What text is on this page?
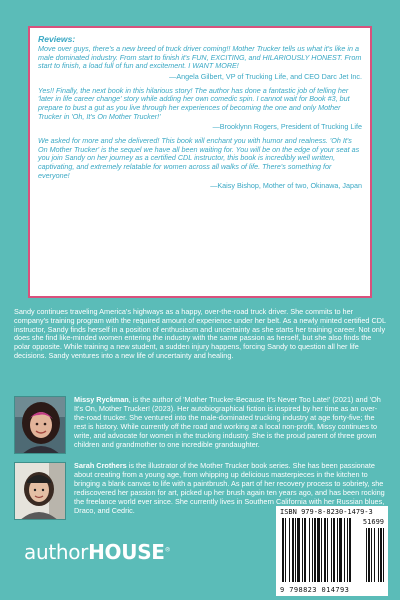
Reviews:

Move over guys, there's a new breed of truck driver coming!! Mother Trucker tells us what it's like in a male dominated industry. From start to finish it's FUN, EXCITING, and HILARIOUSLY HONEST. From start to finish, a load full of fun and excitement. I WANT MORE!

—Angela Gilbert, VP of Trucking Life, and CEO Darc Jet Inc.

Yes!! Finally, the next book in this hilarious story! The author has done a fantastic job of telling her 'later in life career change' story while adding her own comedic spin. I cannot wait for Book #3, but prepare to bust a gut as you live through her experiences of becoming the one and only Mother Trucker in 'Oh, It's On Mother Trucker!'

—Brooklynn Rogers, President of Trucking Life

We asked for more and she delivered! This book will enchant you with humor and realness. 'Oh It's On Mother Trucker' is the sequel we have all been waiting for. You will be on the edge of your seat as you join Sandy on her journey as a certified CDL instructor, this book is incredibly well written, captivating, and extremely relatable for women across all walks of life. There's something for everyone!

—Kaisy Bishop, Mother of two, Okinawa, Japan

Sandy continues traveling America's highways as a happy, over-the-road truck driver. She commits to her company's training program with the required amount of experience under her belt. As a newly minted certified CDL instructor, Sandy finds herself in a position of enthusiasm and uncertainty as she starts her training career. Not only does she find like-minded women entering the industry with the same passion as herself, but she also finds the polar opposite. While training a new student, a sudden injury happens, forcing Sandy to question all her life decisions. Sandy ventures into a new life of uncertainty and healing.

Missy Ryckman, is the author of 'Mother Trucker-Because It's Never Too Late!' (2021) and 'Oh It's On, Mother Trucker! (2023). Her autobiographical fiction is inspired by her time as an over-the-road trucker. She ventured into the male-dominated trucking industry at age forty-five; the rest is history. While currently off the road and working at a local non-profit, Missy continues to write, and advocate for women in the trucking industry. She is the proud parent of three grown children and grandmother to one incredible grandaughter.

Sarah Crothers is the illustrator of the Mother Trucker book series. She has been passionate about creating from a young age, from whipping up delicious masterpieces in the kitchen to bringing a blank canvas to life with a paintbrush. As part of her recovery process to sobriety, she rediscovered her passion for art, picked up her brush again ten years ago, and has been rocking the freelance world ever since. She currently lives in Southern California with her Russian blues, Draco, and Cedric.

authorHOUSE®
ISBN 979-8-8230-1479-3
51699
9 798823 014793
